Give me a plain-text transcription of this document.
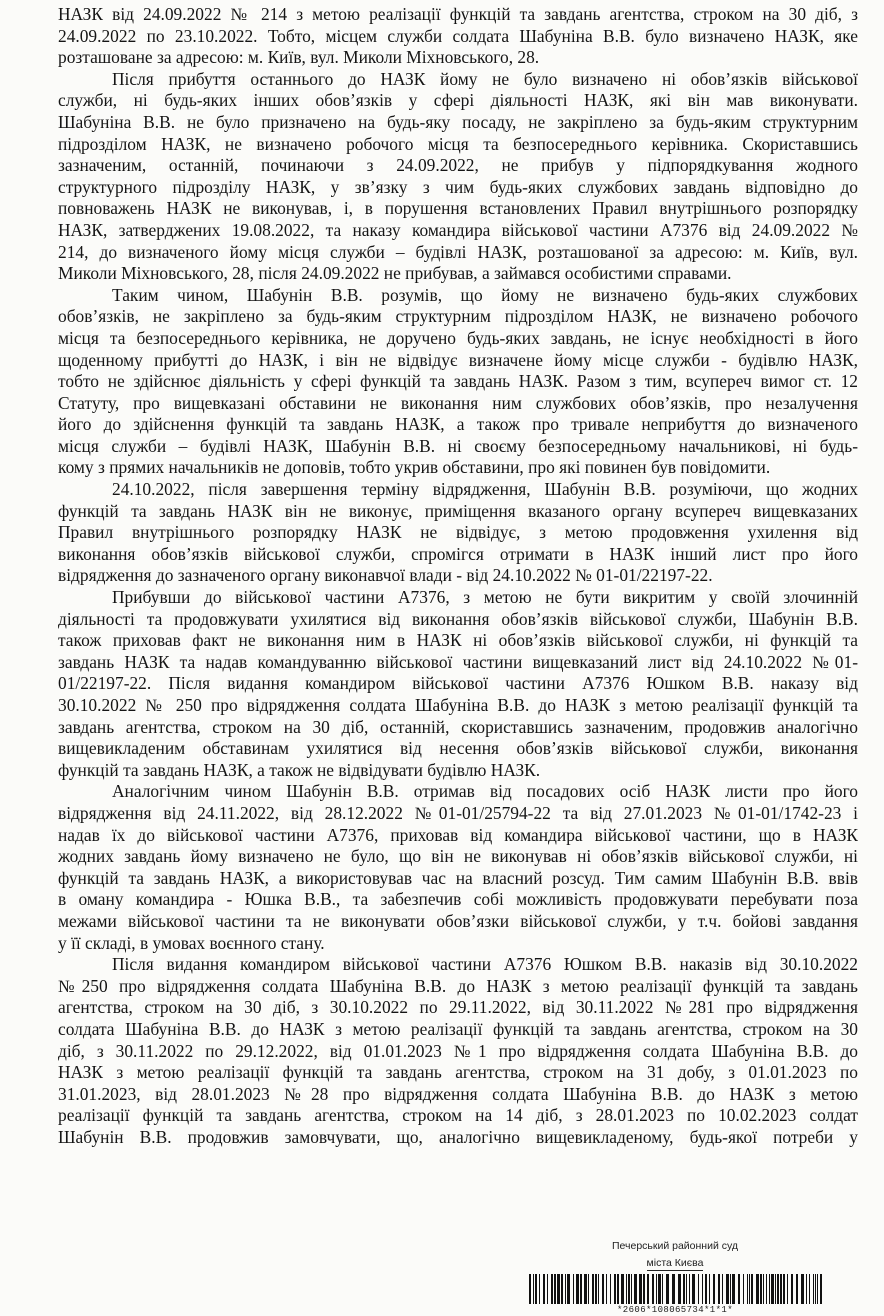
НАЗК від 24.09.2022 № 214 з метою реалізації функцій та завдань агентства, строком на 30 діб, з

24.09.2022 по 23.10.2022. Тобто, місцем служби солдата Шабуніна В.В. було визначено НАЗК, яке

розташоване за адресою: м. Київ, вул. Миколи Міхновського, 28.

Після прибуття останнього до НАЗК йому не було визначено ні обов’язків військової

служби, ні будь-яких інших обов’язків у сфері діяльності НАЗК, які він мав виконувати.

Шабуніна В.В. не було призначено на будь-яку посаду, не закріплено за будь-яким структурним

підрозділом НАЗК, не визначено робочого місця та безпосереднього керівника. Скориставшись

зазначеним, останній, починаючи з 24.09.2022, не прибув у підпорядкування жодного

структурного підрозділу НАЗК, у зв’язку з чим будь-яких службових завдань відповідно до

повноважень НАЗК не виконував, і, в порушення встановлених Правил внутрішнього розпорядку

НАЗК, затверджених 19.08.2022, та наказу командира військової частини А7376 від 24.09.2022 №

214, до визначеного йому місця служби – будівлі НАЗК, розташованої за адресою: м. Київ, вул.

Миколи Міхновського, 28, після 24.09.2022 не прибував, а займався особистими справами.

Таким чином, Шабунін В.В. розумів, що йому не визначено будь-яких службових

обов’язків, не закріплено за будь-яким структурним підрозділом НАЗК, не визначено робочого

місця та безпосереднього керівника, не доручено будь-яких завдань, не існує необхідності в його

щоденному прибутті до НАЗК, і він не відвідує визначене йому місце служби - будівлю НАЗК,

тобто не здійснює діяльність у сфері функцій та завдань НАЗК. Разом з тим, всупереч вимог ст. 12

Статуту, про вищевказані обставини не виконання ним службових обов’язків, про незалучення

його до здійснення функцій та завдань НАЗК, а також про тривале неприбуття до визначеного

місця служби – будівлі НАЗК, Шабунін В.В. ні своєму безпосередньому начальникові, ні будь-

кому з прямих начальників не доповів, тобто укрив обставини, про які повинен був повідомити.

24.10.2022, після завершення терміну відрядження, Шабунін В.В. розуміючи, що жодних

функцій та завдань НАЗК він не виконує, приміщення вказаного органу всупереч вищевказаних

Правил внутрішнього розпорядку НАЗК не відвідує, з метою продовження ухилення від

виконання обов’язків військової служби, спромігся отримати в НАЗК інший лист про його

відрядження до зазначеного органу виконавчої влади - від 24.10.2022 № 01-01/22197-22.

Прибувши до військової частини А7376, з метою не бути викритим у своїй злочинній

діяльності та продовжувати ухилятися від виконання обов’язків військової служби, Шабунін В.В.

також приховав факт не виконання ним в НАЗК ні обов’язків військової служби, ні функцій та

завдань НАЗК та надав командуванню військової частини вищевказаний лист від 24.10.2022 №01-

01/22197-22. Після видання командиром військової частини А7376 Юшком В.В. наказу від

30.10.2022 № 250 про відрядження солдата Шабуніна В.В. до НАЗК з метою реалізації функцій та

завдань агентства, строком на 30 діб, останній, скориставшись зазначеним, продовжив аналогічно

вищевикладеним обставинам ухилятися від несення обов’язків військової служби, виконання

функцій та завдань НАЗК, а також не відвідувати будівлю НАЗК.

Аналогічним чином Шабунін В.В. отримав від посадових осіб НАЗК листи про його

відрядження від 24.11.2022, від 28.12.2022 №01-01/25794-22 та від 27.01.2023 №01-01/1742-23 і

надав їх до військової частини А7376, приховав від командира військової частини, що в НАЗК

жодних завдань йому визначено не було, що він не виконував ні обов’язків військової служби, ні

функцій та завдань НАЗК, а використовував час на власний розсуд. Тим самим Шабунін В.В. ввів

в оману командира - Юшка В.В., та забезпечив собі можливість продовжувати перебувати поза

межами військової частини та не виконувати обов’язки військової служби, у т.ч. бойові завдання

у її складі, в умовах воєнного стану.

Після видання командиром військової частини А7376 Юшком В.В. наказів від 30.10.2022

№250 про відрядження солдата Шабуніна В.В. до НАЗК з метою реалізації функцій та завдань

агентства, строком на 30 діб, з 30.10.2022 по 29.11.2022, від 30.11.2022 №281 про відрядження

солдата Шабуніна В.В. до НАЗК з метою реалізації функцій та завдань агентства, строком на 30

діб, з 30.11.2022 по 29.12.2022, від 01.01.2023 №1 про відрядження солдата Шабуніна В.В. до

НАЗК з метою реалізації функцій та завдань агентства, строком на 31 добу, з 01.01.2023 по

31.01.2023, від 28.01.2023 №28 про відрядження солдата Шабуніна В.В. до НАЗК з метою

реалізації функцій та завдань агентства, строком на 14 діб, з 28.01.2023 по 10.02.2023 солдат

Шабунін В.В. продовжив замовчувати, що, аналогічно вищевикладеному, будь-якої потреби у

Печерський районний суд
міста Києва
*2606*108065734*1*1*
